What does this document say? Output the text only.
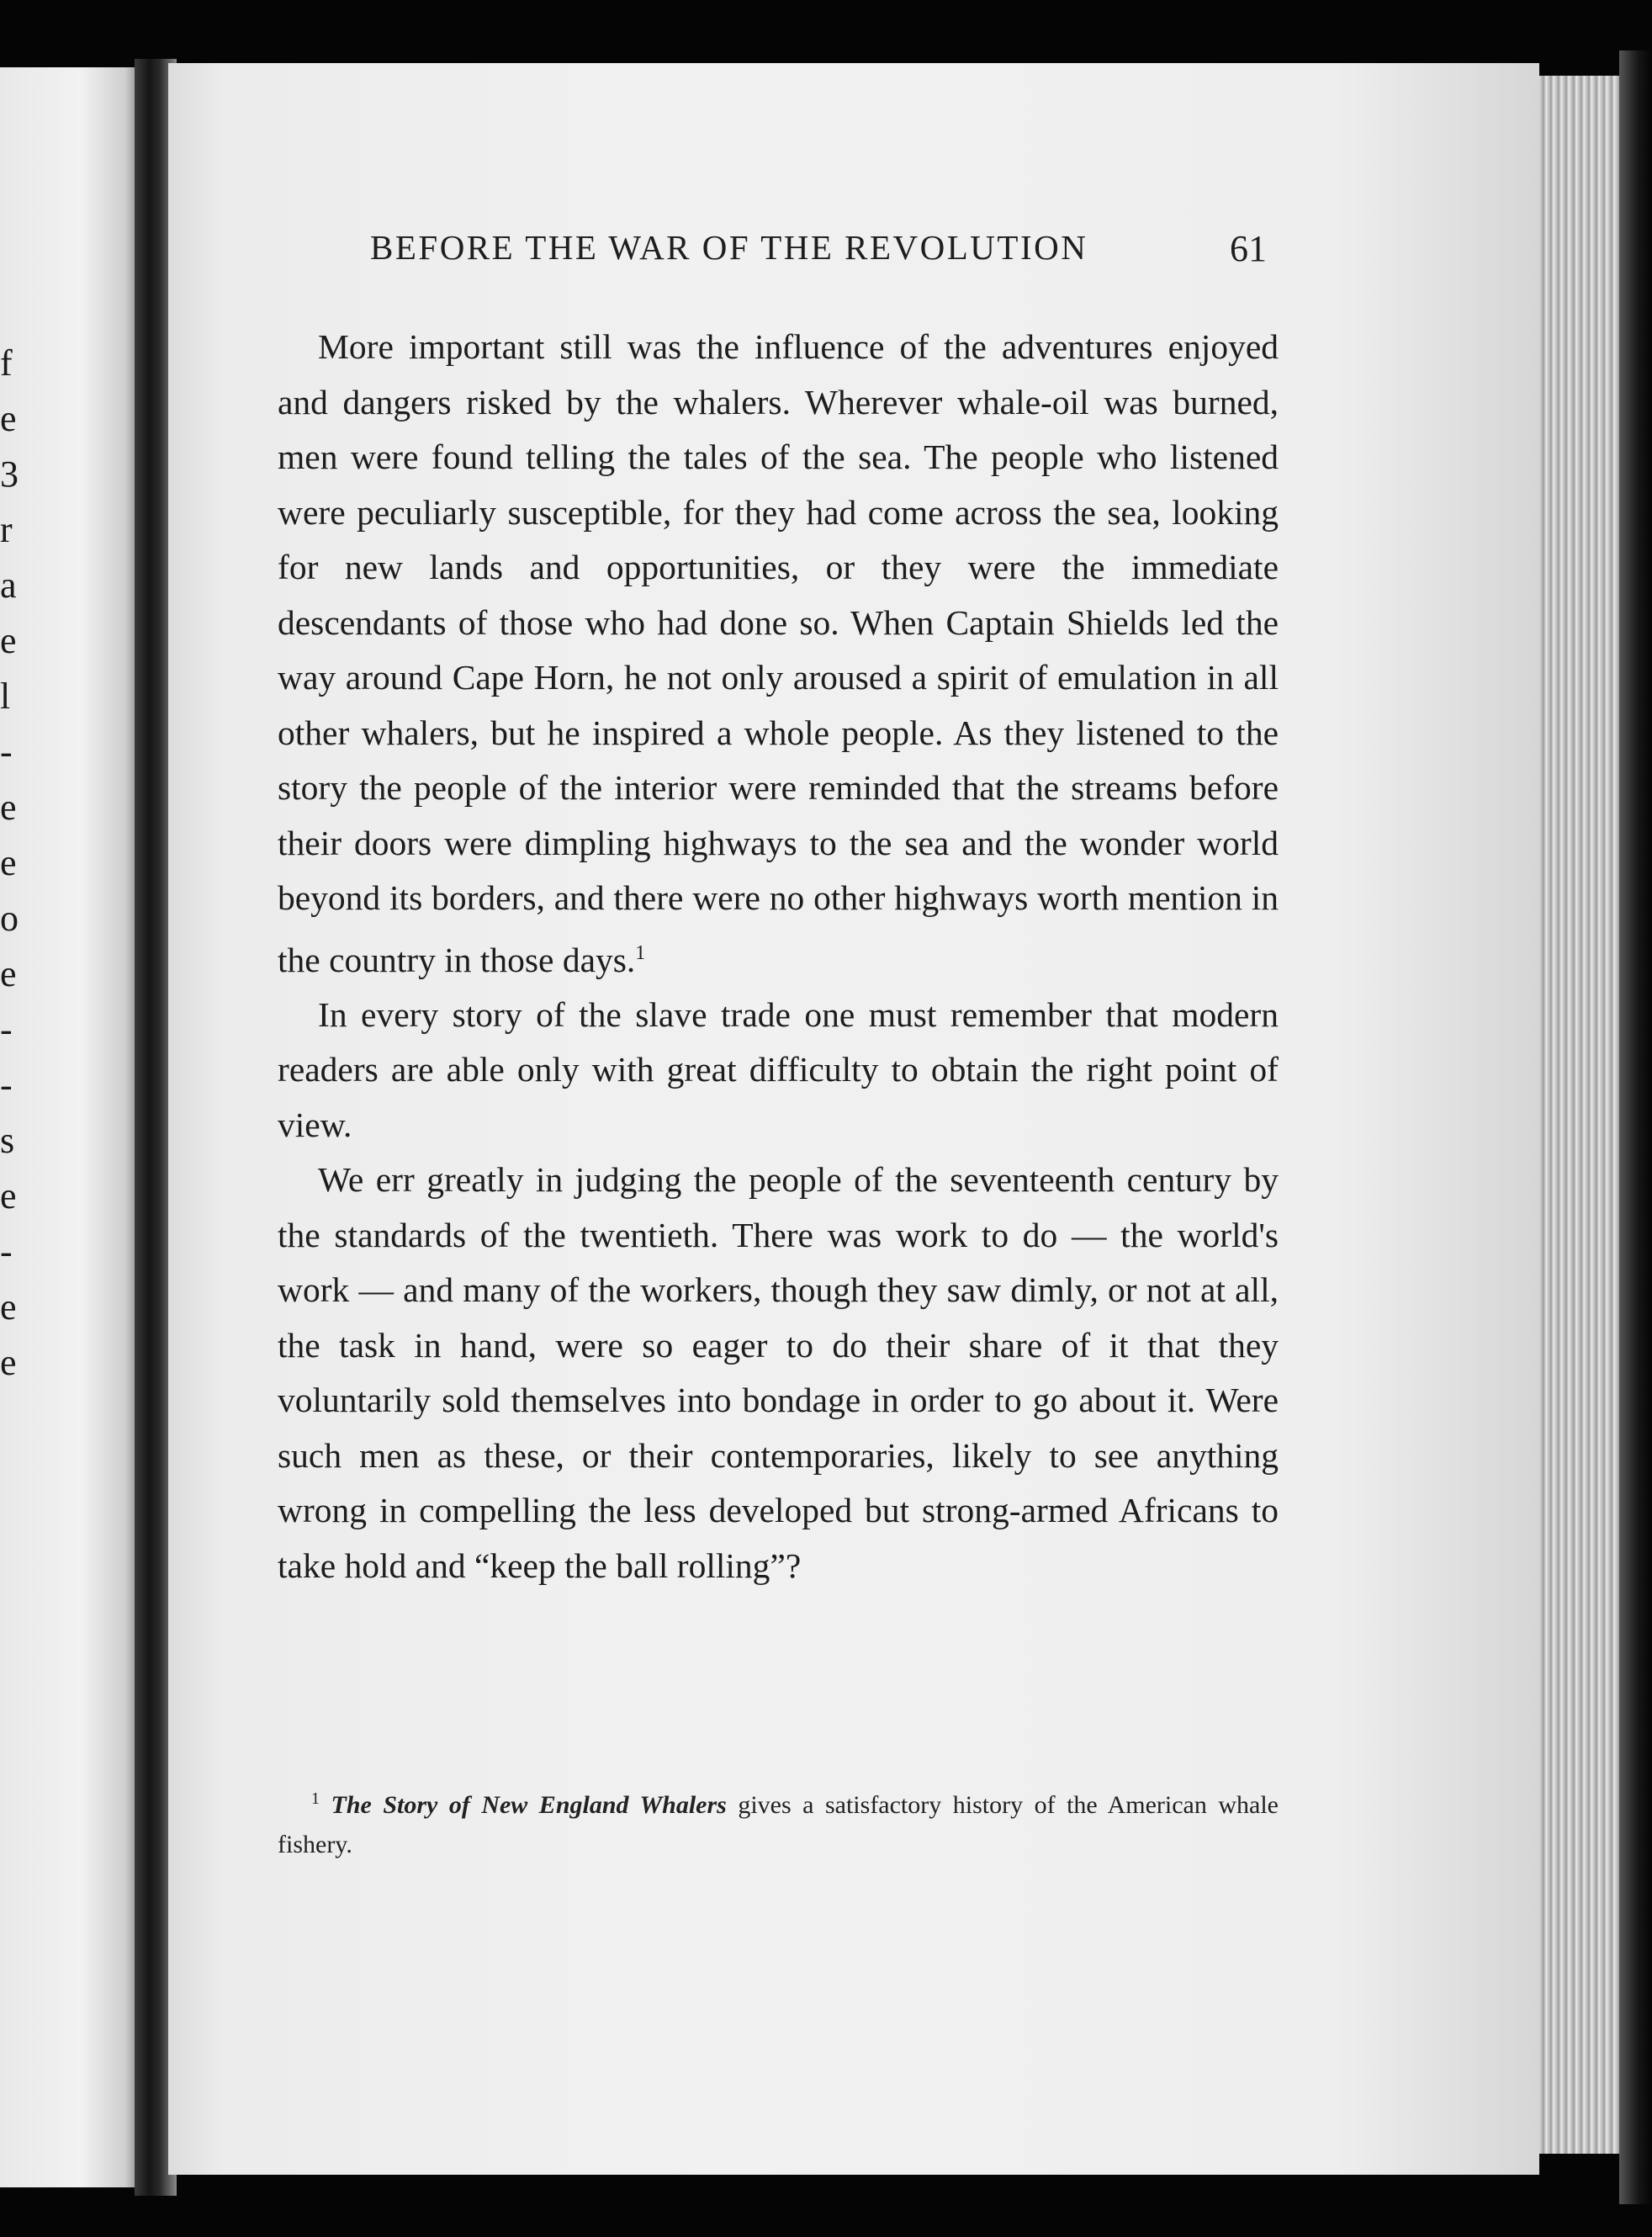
f
e
3
r
a
e
l
-
e
e
o
e
-
-
s
e
-
e
e
BEFORE THE WAR OF THE REVOLUTION	61

More important still was the influence of the adventures enjoyed and dangers risked by the whalers. Wherever whale-oil was burned, men were found telling the tales of the sea. The people who listened were peculiarly susceptible, for they had come across the sea, looking for new lands and opportunities, or they were the immediate descendants of those who had done so. When Captain Shields led the way around Cape Horn, he not only aroused a spirit of emulation in all other whalers, but he inspired a whole people. As they listened to the story the people of the interior were reminded that the streams before their doors were dimpling highways to the sea and the wonder world beyond its borders, and there were no other highways worth mention in the country in those days.$^1$

In every story of the slave trade one must remember that modern readers are able only with great difficulty to obtain the right point of view.

We err greatly in judging the people of the seventeenth century by the standards of the twentieth. There was work to do — the world's work — and many of the workers, though they saw dimly, or not at all, the task in hand, were so eager to do their share of it that they voluntarily sold themselves into bondage in order to go about it. Were such men as these, or their contemporaries, likely to see anything wrong in compelling the less developed but strong-armed Africans to take hold and “keep the ball rolling”?

$^1$ The Story of New England Whalers gives a satisfactory history of the American whale fishery.
